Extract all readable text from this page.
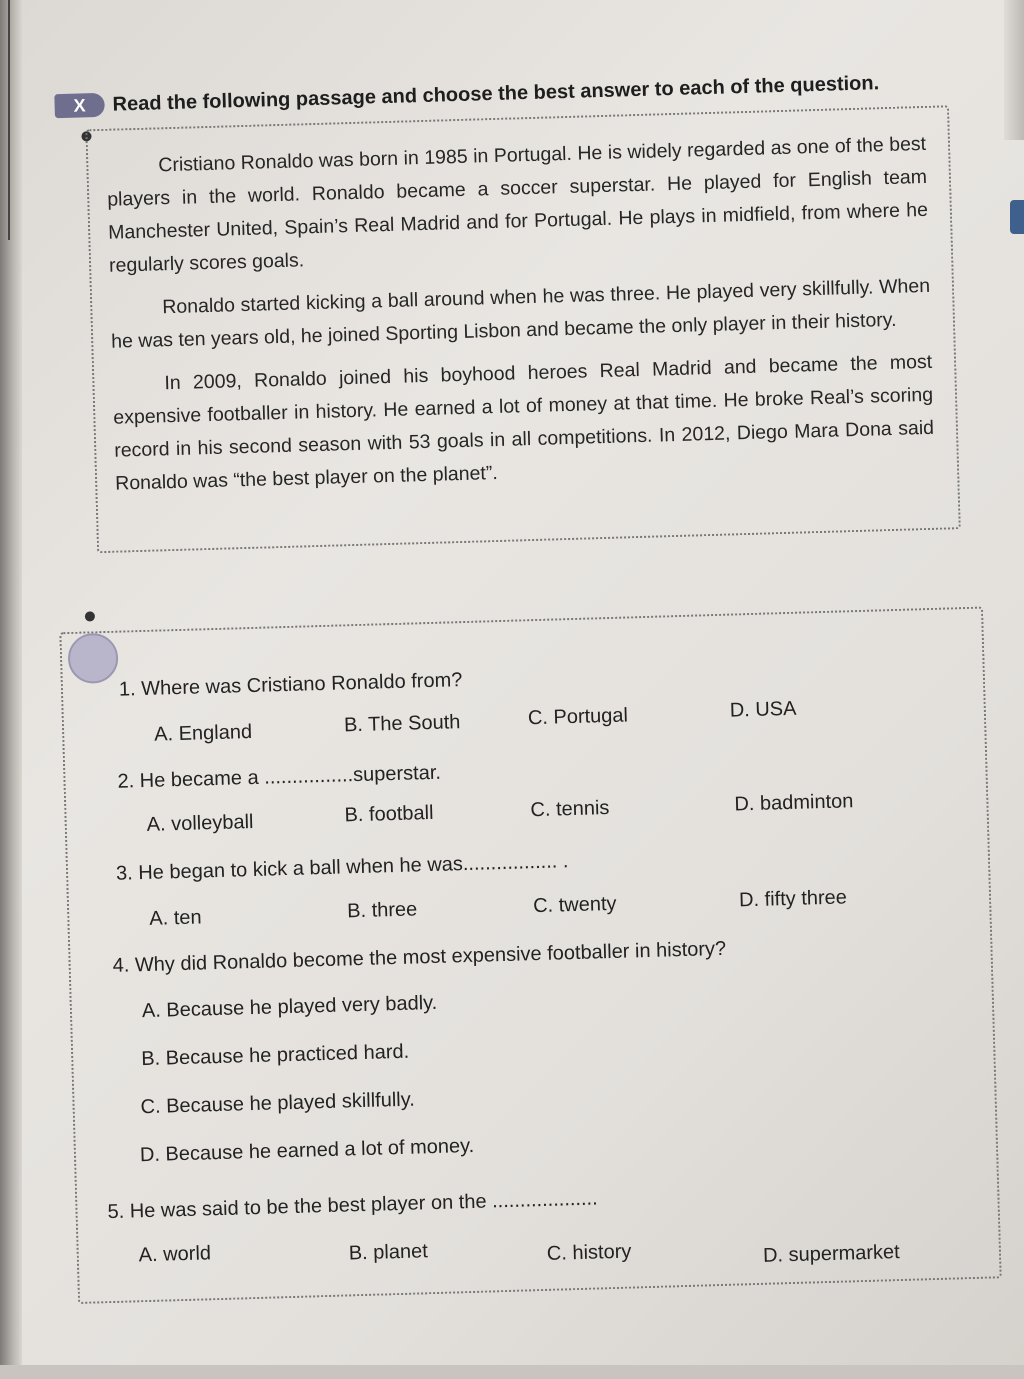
X	Read the following passage and choose the best answer to each of the question.

Cristiano Ronaldo was born in 1985 in Portugal. He is widely regarded as one of the best players in the world. Ronaldo became a soccer superstar. He played for English team Manchester United, Spain’s Real Madrid and for Portugal. He plays in midfield, from where he regularly scores goals.

Ronaldo started kicking a ball around when he was three. He played very skillfully. When he was ten years old, he joined Sporting Lisbon and became the only player in their history.

In 2009, Ronaldo joined his boyhood heroes Real Madrid and became the most expensive footballer in history. He earned a lot of money at that time. He broke Real’s scoring record in his second season with 53 goals in all competitions. In 2012, Diego Mara Dona said Ronaldo was “the best player on the planet”.

1. Where was Cristiano Ronaldo from?
A. England	B. The South	C. Portugal	D. USA
2. He became a ................superstar.
A. volleyball	B. football	C. tennis	D. badminton
3. He began to kick a ball when he was................. .
A. ten	B. three	C. twenty	D. fifty three
4. Why did Ronaldo become the most expensive footballer in history?
A. Because he played very badly.
B. Because he practiced hard.
C. Because he played skillfully.
D. Because he earned a lot of money.
5. He was said to be the best player on the ...................
A. world	B. planet	C. history	D. supermarket
